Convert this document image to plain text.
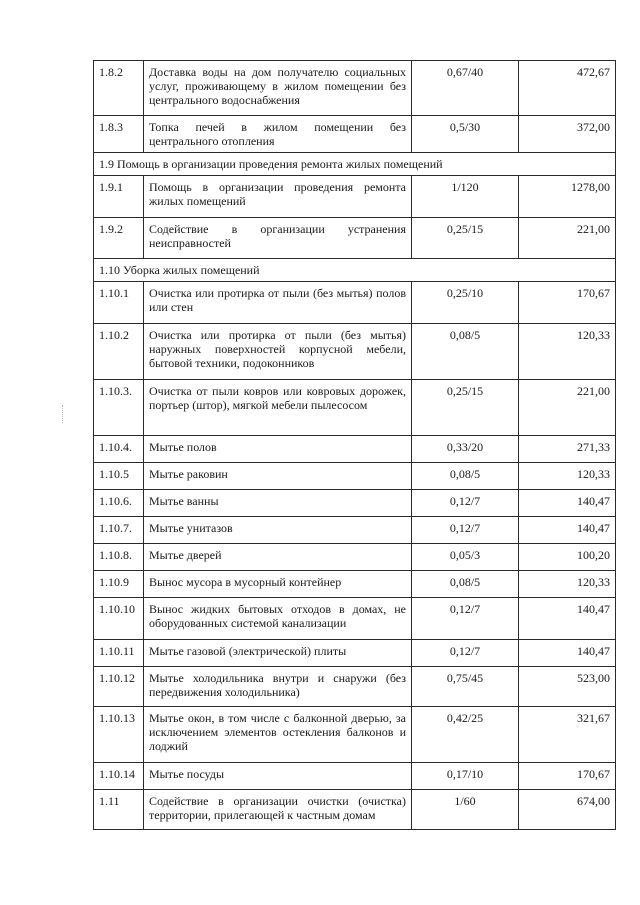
1.8.2	Доставка воды на дом получателю социальных услуг, проживающему в жилом помещении без центрального водоснабжения	0,67/40	472,67
1.8.3	Топка печей в жилом помещении без центрального отопления	0,5/30	372,00
1.9 Помощь в организации проведения ремонта жилых помещений			
1.9.1	Помощь в организации проведения ремонта жилых помещений	1/120	1278,00
1.9.2	Содействие в организации устранения неисправностей	0,25/15	221,00
1.10 Уборка жилых помещений			
1.10.1	Очистка или протирка от пыли (без мытья) полов или стен	0,25/10	170,67
1.10.2	Очистка или протирка от пыли (без мытья) наружных поверхностей корпусной мебели, бытовой техники, подоконников	0,08/5	120,33
1.10.3.	Очистка от пыли ковров или ковровых дорожек, портьер (штор), мягкой мебели пылесосом	0,25/15	221,00
1.10.4.	Мытье полов	0,33/20	271,33
1.10.5	Мытье раковин	0,08/5	120,33
1.10.6.	Мытье ванны	0,12/7	140,47
1.10.7.	Мытье унитазов	0,12/7	140,47
1.10.8.	Мытье дверей	0,05/3	100,20
1.10.9	Вынос мусора в мусорный контейнер	0,08/5	120,33
1.10.10	Вынос жидких бытовых отходов в домах, не оборудованных системой канализации	0,12/7	140,47
1.10.11	Мытье газовой (электрической) плиты	0,12/7	140,47
1.10.12	Мытье холодильника внутри и снаружи (без передвижения холодильника)	0,75/45	523,00
1.10.13	Мытье окон, в том числе с балконной дверью, за исключением элементов остекления балконов и лоджий	0,42/25	321,67
1.10.14	Мытье посуды	0,17/10	170,67
1.11	Содействие в организации очистки (очистка) территории, прилегающей к частным домам	1/60	674,00
